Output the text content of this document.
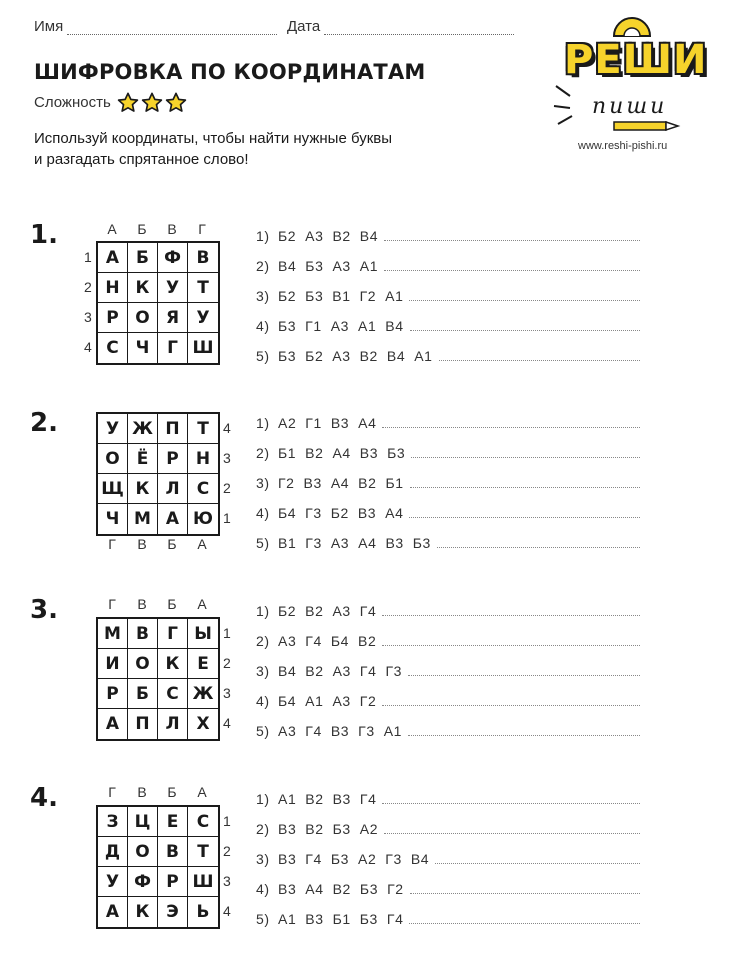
Имя	Дата
ШИФРОВКА ПО КООРДИНАТАМ
Сложность
Используй координаты, чтобы найти нужные буквы
и разгадать спрятанное слово!
РЕШИ
пиши
www.reshi-pishi.ru
1.	А	Б	В	Г
1
2
3
4
А Б Ф В
Н К У	Т
Р О Я	У
С Ч	Г Ш
1) Б2  А3  В2  В4
2) В4  Б3  А3  А1
3) Б2  Б3  В1  Г2  А1
4) Б3  Г1  А3  А1  В4
5) Б3  Б2  А3  В2  В4  А1
2.	У Ж П	Т
О Ё	Р	Н
Щ К Л	С
Ч М А Ю
4
3
2
1
Г	В	Б	А
1) А2  Г1  В3  А4
2) Б1  В2  А4  В3  Б3
3) Г2  В3  А4  В2  Б1
4) Б4  Г3  Б2  В3  А4
5) В1  Г3  А3  А4  В3  Б3
3.	Г	В	Б	А
М В	Г Ы
И О К	Е
Р	Б	С Ж
А П Л Х
1
2
3
4
1) Б2  В2  А3  Г4
2) А3  Г4  Б4  В2
3) В4  В2  А3  Г4  Г3
4) Б4  А1  А3  Г2
5) А3  Г4  В3  Г3  А1
4.	Г	В	Б	А
З Ц Е	С
Д О В	Т
У Ф Р Ш
А К Э	Ь
1
2
3
4
1) А1  В2  В3  Г4
2) В3  В2  Б3  А2
3) В3  Г4  Б3  А2  Г3  В4
4) В3  А4  В2  Б3  Г2
5) А1  В3  Б1  Б3  Г4
